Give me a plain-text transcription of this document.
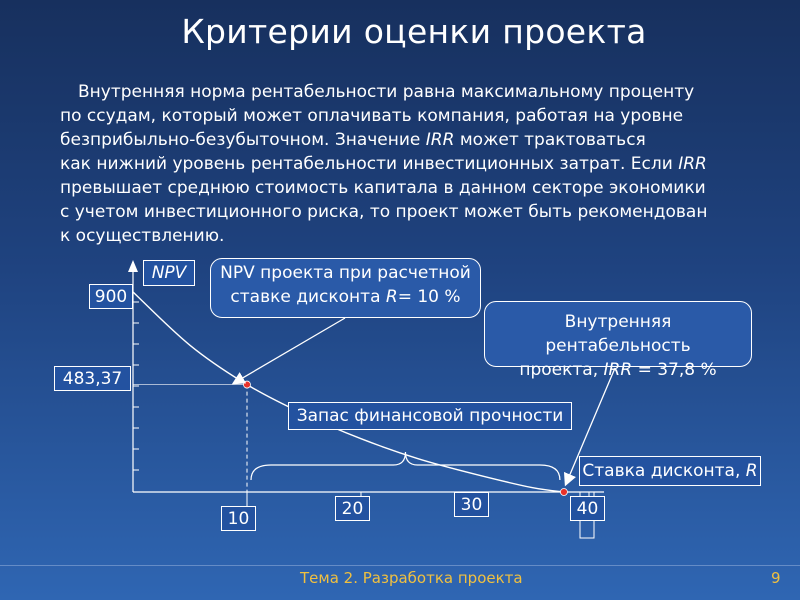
Критерии оценки проекта
Внутренняя норма рентабельности равна максимальному проценту
по ссудам, который может оплачивать компания, работая на уровне
безприбыльно-безубыточном. Значение IRR может трактоваться
как нижний уровень рентабельности инвестиционных затрат. Если IRR
превышает среднюю стоимость капитала в данном секторе экономики
с учетом инвестиционного риска, то проект может быть рекомендован
к осуществлению.
NPV
900
483,37
10	20	30	40
NPV проекта при расчетной
ставке дисконта R= 10 %
Внутренняя рентабельность
проекта, IRR = 37,8 %
Запас финансовой прочности
Ставка дисконта, R
Тема 2. Разработка проекта	9
